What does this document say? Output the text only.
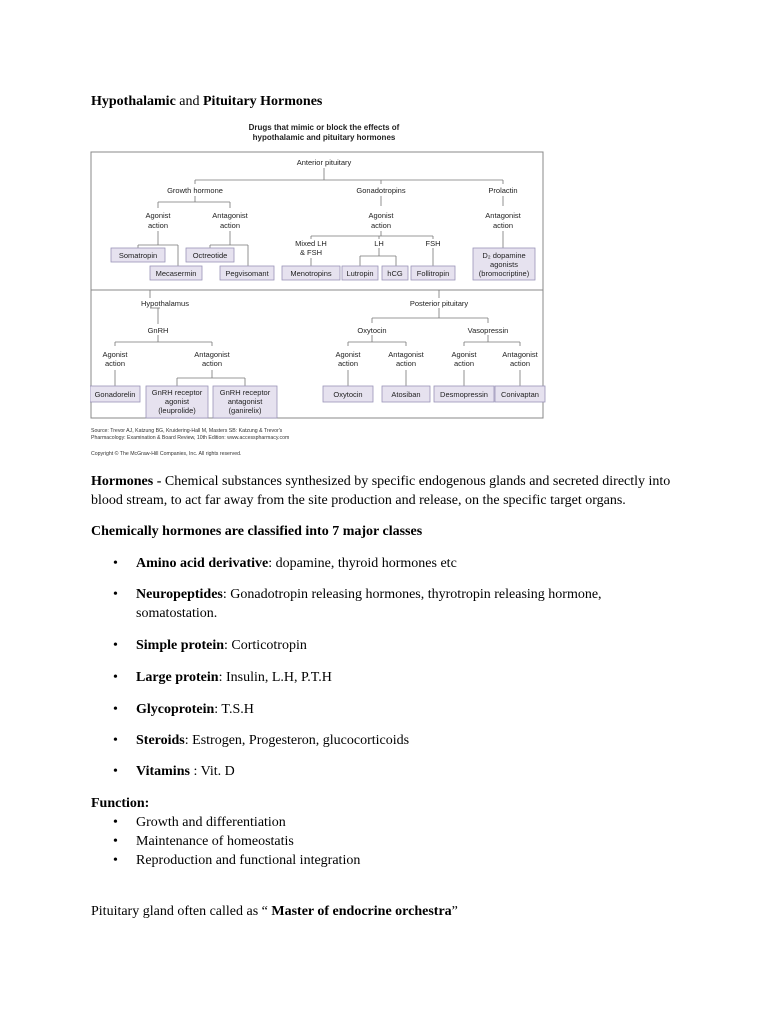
Hypothalamic and Pituitary Hormones

Drugs that mimic or block the effects of
hypothalamic and pituitary hormones
Anterior pituitary
Growth hormone	Gonadotropins	Prolactin
Agonist
action
Antagonist
action
Agonist
action
Mixed LH
& FSH
LH	FSH
Antagonist
action
Somatropin	Octreotide
Mecasermin	Pegvisomant	Menotropins Lutropin hCG Follitropin
D₂ dopamine
agonists
(bromocriptine)
Hypothalamus	Posterior pituitary
GnRH	Oxytocin	Vasopressin
Agonist
action
Antagonist
action
Agonist
action
Antagonist
action
Agonist
action
Antagonist
action
Gonadorelin GnRH receptor
agonist
(leuprolide)
GnRH receptor
antagonist
(ganirelix)
Oxytocin	Atosiban	Desmopressin Conivaptan
Source: Trevor AJ, Katzung BG, Kruidering-Hall M, Masters SB: Katzung & Trevor's
Pharmacology: Examination & Board Review, 10th Edition: www.accesspharmacy.com
Copyright © The McGraw-Hill Companies, Inc. All rights reserved.

Hormones - Chemical substances synthesized by specific endogenous glands and secreted directly into
blood stream, to act far away from the site production and release, on the specific target organs.

Chemically hormones are classified into 7 major classes

• Amino acid derivative: dopamine, thyroid hormones etc
• Neuropeptides: Gonadotropin releasing hormones, thyrotropin releasing hormone,
somatostation.
• Simple protein: Corticotropin
• Large protein: Insulin, L.H, P.T.H
• Glycoprotein: T.S.H
• Steroids: Estrogen, Progesteron, glucocorticoids
• Vitamins : Vit. D

Function:

• Growth and differentiation
• Maintenance of homeostatis
• Reproduction and functional integration

Pituitary gland often called as “ Master of endocrine orchestra”
